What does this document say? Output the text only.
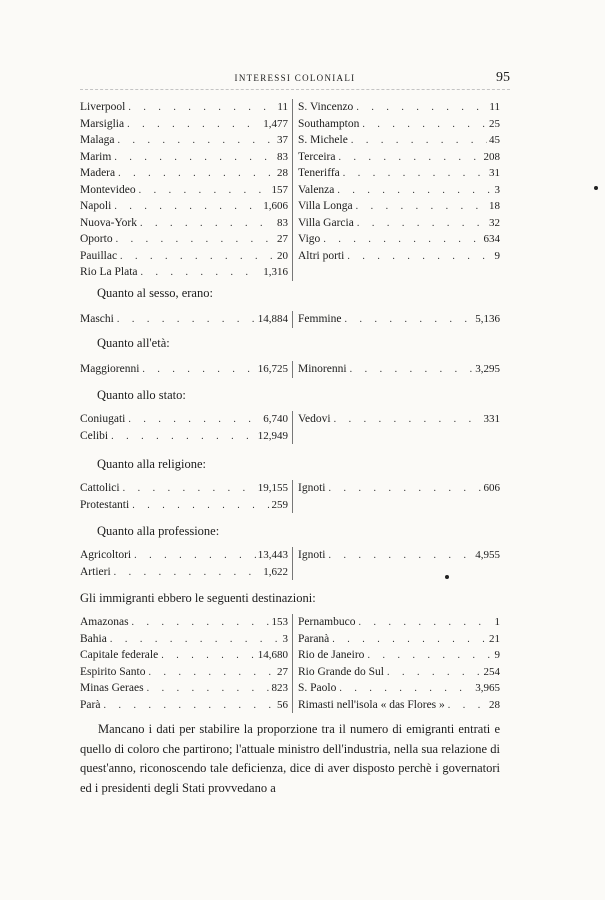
INTERESSI COLONIALI	95
Liverpool . . .	11 S. Vincenzo . . .	11
Marsiglia . . .	1,477 Southampton . . .	25
Malaga . . .	37 S. Michele . . .	45
Marim . . .	83 Terceira . . .	208
Madera . . .	28 Teneriffa . . .	31
Montevideo . . .	157 Valenza . . .	3
Napoli . . .	1,606 Villa Longa . . .	18
Nuova-York . . .	83 Villa Garcia . . .	32
Oporto . . .	27 Vigo . . .	634
Pauillac . . .	20 Altri porti . . .	9
Rio La Plata . . .	1,316
Quanto al sesso, erano:
Maschi . . .	14,884 Femmine . . .	5,136
Quanto all'età:
Maggiorenni . . .	16,725 Minorenni . . .	3,295
Quanto allo stato:
Coniugati . . .	6,740 Vedovi . . .	331
Celibi . . .	12,949
Quanto alla religione:
Cattolici . . .	19,155 Ignoti . . .	606
Protestanti . . .	259
Quanto alla professione:
Agricoltori . . .	13,443 Ignoti . . .	4,955
Artieri . . .	1,622
Gli immigranti ebbero le seguenti destinazioni:
Amazonas . . .	153 Pernambuco . . .	1
Bahia . . .	3 Paranà . . .	21
Capitale federale . . .	14,680 Rio de Janeiro . . .	9
Espirito Santo . . .	27 Rio Grande do Sul . . .	254
Minas Geraes . . .	823 S. Paolo . . .	3,965
Parà . . .	56 Rimasti nell'isola « das Flores » . . .	28

Mancano i dati per stabilire la proporzione tra il numero di emigranti entrati e quello di coloro che partirono; l'attuale ministro dell'industria, nella sua relazione di quest'anno, riconoscendo tale deficienza, dice di aver disposto perchè i governatori ed i presidenti degli Stati provvedano a
